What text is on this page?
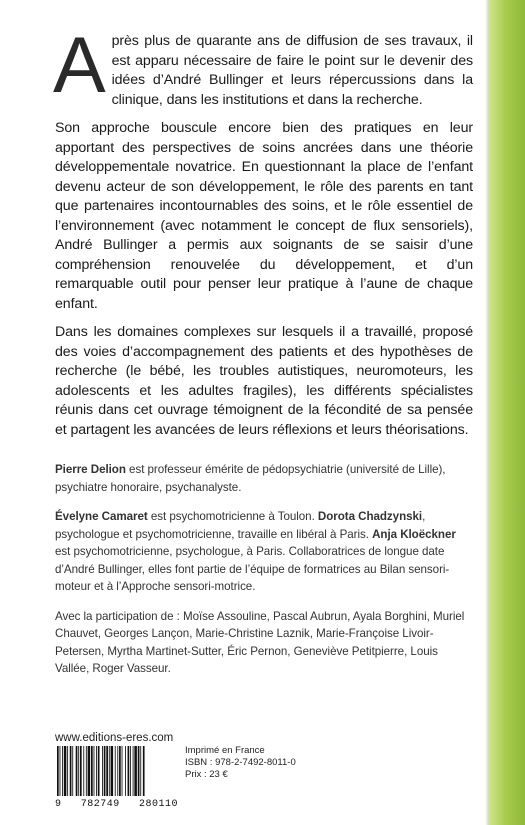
Après plus de quarante ans de diffusion de ses travaux, il est apparu nécessaire de faire le point sur le devenir des idées d’André Bullinger et leurs répercussions dans la clinique, dans les institutions et dans la recherche.

Son approche bouscule encore bien des pratiques en leur apportant des perspectives de soins ancrées dans une théorie développementale novatrice. En questionnant la place de l’enfant devenu acteur de son développement, le rôle des parents en tant que partenaires incontournables des soins, et le rôle essentiel de l’environnement (avec notamment le concept de flux sensoriels), André Bullinger a permis aux soignants de se saisir d’une compréhension renouvelée du développement, et d’un remarquable outil pour penser leur pratique à l’aune de chaque enfant.

Dans les domaines complexes sur lesquels il a travaillé, proposé des voies d’accompagnement des patients et des hypothèses de recherche (le bébé, les troubles autistiques, neuromoteurs, les adolescents et les adultes fragiles), les différents spécialistes réunis dans cet ouvrage témoignent de la fécondité de sa pensée et partagent les avancées de leurs réflexions et leurs théorisations.

Pierre Delion est professeur émérite de pédopsychiatrie (université de Lille), psychiatre honoraire, psychanalyste.

Évelyne Camaret est psychomotricienne à Toulon. Dorota Chadzynski, psychologue et psychomotricienne, travaille en libéral à Paris. Anja Kloëckner est psychomotricienne, psychologue, à Paris. Collaboratrices de longue date d’André Bullinger, elles font partie de l’équipe de formatrices au Bilan sensori-moteur et à l’Approche sensori-motrice.

Avec la participation de : Moïse Assouline, Pascal Aubrun, Ayala Borghini, Muriel Chauvet, Georges Lançon, Marie-Christine Laznik, Marie-Françoise Livoir-Petersen, Myrtha Martinet-Sutter, Éric Pernon, Geneviève Petitpierre, Louis Vallée, Roger Vasseur.

www.editions-eres.com

9 782749 280110
Imprimé en France
ISBN : 978-2-7492-8011-0
Prix : 23 €
